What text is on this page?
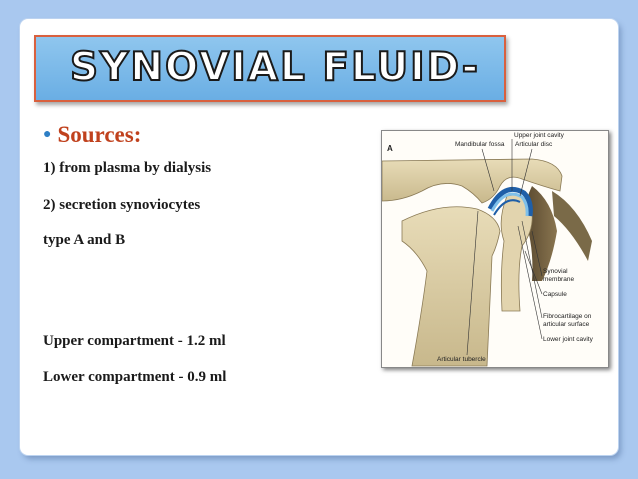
SYNOVIAL FLUID-
● Sources:
1) from plasma by dialysis
2) secretion synoviocytes
type A and B
Upper compartment - 1.2 ml
Lower compartment - 0.9 ml
A
Upper joint cavity
Mandibular fossa Articular disc
Synovial
membrane
Capsule
Fibrocartilage on
articular surface
Lower joint cavity
Articular tubercle
